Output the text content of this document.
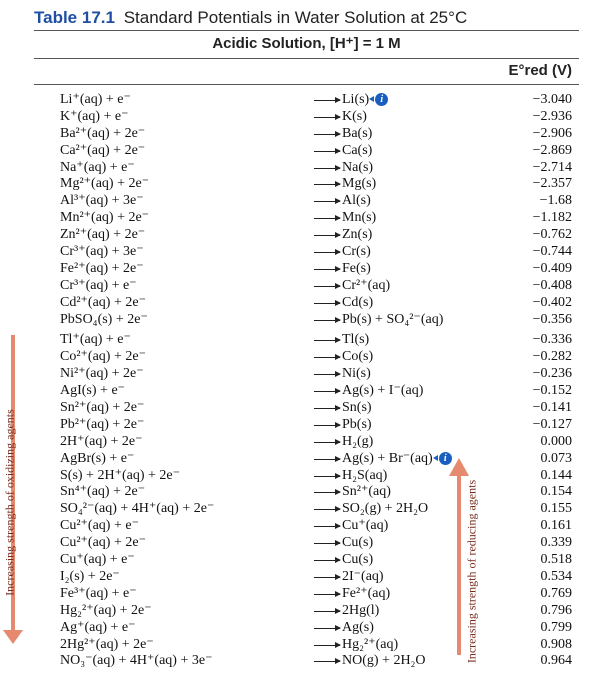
Table 17.1 Standard Potentials in Water Solution at 25°C
Acidic Solution, [H⁺] = 1 M
E°red (V)
Li⁺(aq) + e⁻	→ Li(s) i	−3.040
K⁺(aq) + e⁻	→ K(s)	−2.936
Ba²⁺(aq) + 2e⁻	→ Ba(s)	−2.906
Ca²⁺(aq) + 2e⁻	→ Ca(s)	−2.869
Na⁺(aq) + e⁻	→ Na(s)	−2.714
Mg²⁺(aq) + 2e⁻	→ Mg(s)	−2.357
Al³⁺(aq) + 3e⁻	→ Al(s)	−1.68
Mn²⁺(aq) + 2e⁻	→ Mn(s)	−1.182
Zn²⁺(aq) + 2e⁻	→ Zn(s)	−0.762
Cr³⁺(aq) + 3e⁻	→ Cr(s)	−0.744
Fe²⁺(aq) + 2e⁻	→ Fe(s)	−0.409
Cr³⁺(aq) + e⁻	→ Cr²⁺(aq)	−0.408
Cd²⁺(aq) + 2e⁻	→ Cd(s)	−0.402
PbSO₄(s) + 2e⁻	→ Pb(s) + SO₄²⁻(aq)	−0.356
Tl⁺(aq) + e⁻	→ Tl(s)	−0.336
Co²⁺(aq) + 2e⁻	→ Co(s)	−0.282
Ni²⁺(aq) + 2e⁻	→ Ni(s)	−0.236
AgI(s) + e⁻	→ Ag(s) + I⁻(aq)	−0.152
Sn²⁺(aq) + 2e⁻	→ Sn(s)	−0.141
Pb²⁺(aq) + 2e⁻	→ Pb(s)	−0.127
2H⁺(aq) + 2e⁻	→ H₂(g)	0.000
AgBr(s) + e⁻	→ Ag(s) + Br⁻(aq) i	0.073
S(s) + 2H⁺(aq) + 2e⁻	→ H₂S(aq)	0.144
Sn⁴⁺(aq) + 2e⁻	→ Sn²⁺(aq)	0.154
SO₄²⁻(aq) + 4H⁺(aq) + 2e⁻	→ SO₂(g) + 2H₂O	0.155
Cu²⁺(aq) + e⁻	→ Cu⁺(aq)	0.161
Cu²⁺(aq) + 2e⁻	→ Cu(s)	0.339
Cu⁺(aq) + e⁻	→ Cu(s)	0.518
I₂(s) + 2e⁻	→ 2I⁻(aq)	0.534
Fe³⁺(aq) + e⁻	→ Fe²⁺(aq)	0.769
Hg₂²⁺(aq) + 2e⁻	→ 2Hg(l)	0.796
Ag⁺(aq) + e⁻	→ Ag(s)	0.799
2Hg²⁺(aq) + 2e⁻	→ Hg₂²⁺(aq)	0.908
NO₃⁻(aq) + 4H⁺(aq) + 3e⁻	→ NO(g) + 2H₂O	0.964
Increasing strength of oxidizing agents	Increasing strength of reducing agents
